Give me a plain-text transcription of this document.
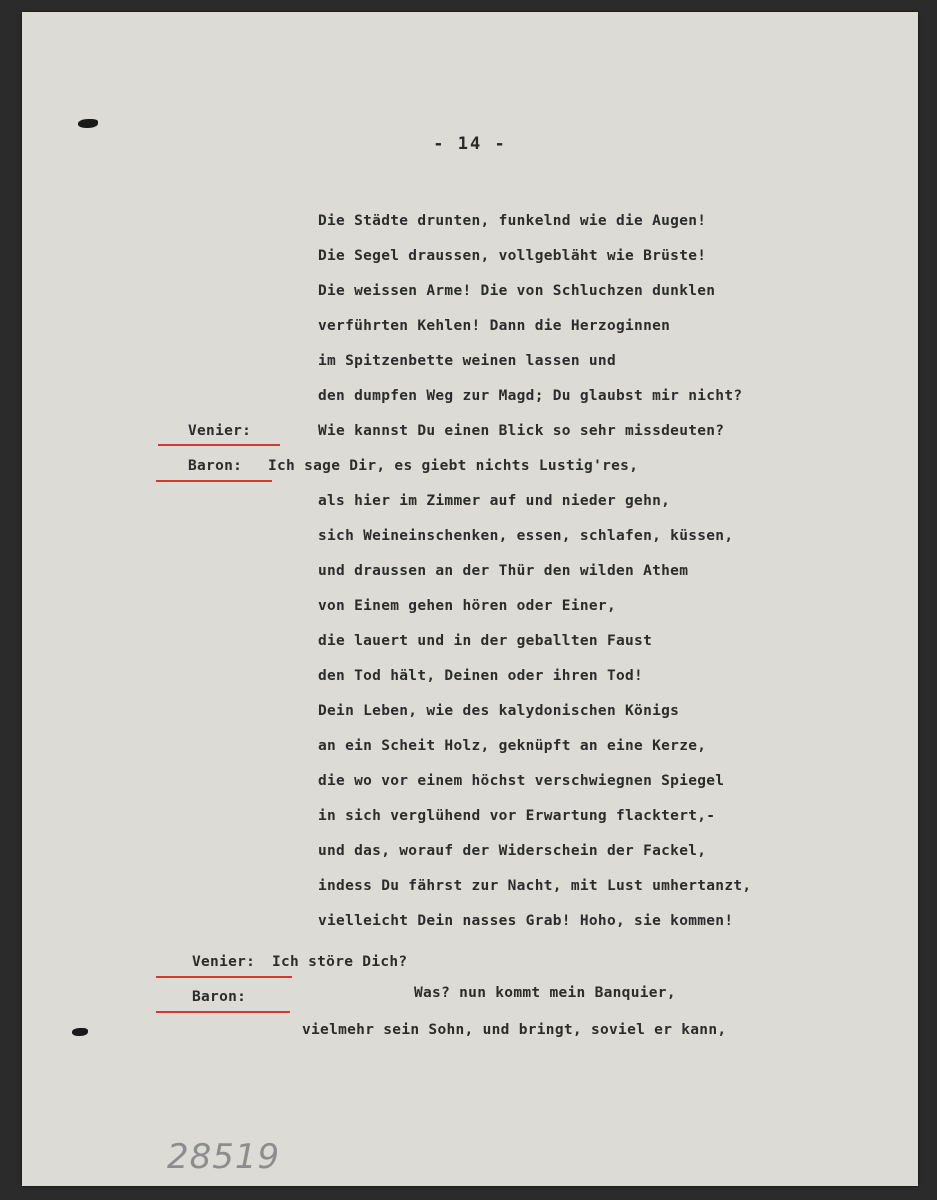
- 14 -
Die Städte drunten, funkelnd wie die Augen!
Die Segel draussen, vollgebläht wie Brüste!
Die weissen Arme! Die von Schluchzen dunklen
verführten Kehlen! Dann die Herzoginnen
im Spitzenbette weinen lassen und
den dumpfen Weg zur Magd; Du glaubst mir nicht?
Venier:	Wie kannst Du einen Blick so sehr missdeuten?
Baron: Ich sage Dir, es giebt nichts Lustig'res,
als hier im Zimmer auf und nieder gehn,
sich Weineinschenken, essen, schlafen, küssen,
und draussen an der Thür den wilden Athem
von Einem gehen hören oder Einer,
die lauert und in der geballten Faust
den Tod hält, Deinen oder ihren Tod!
Dein Leben, wie des kalydonischen Königs
an ein Scheit Holz, geknüpft an eine Kerze,
die wo vor einem höchst verschwiegnen Spiegel
in sich verglühend vor Erwartung flacktert,-
und das, worauf der Widerschein der Fackel,
indess Du fährst zur Nacht, mit Lust umhertanzt,
vielleicht Dein nasses Grab! Hoho, sie kommen!
Venier: Ich störe Dich?
Baron:	Was? nun kommt mein Banquier,
vielmehr sein Sohn, und bringt, soviel er kann,
28519
